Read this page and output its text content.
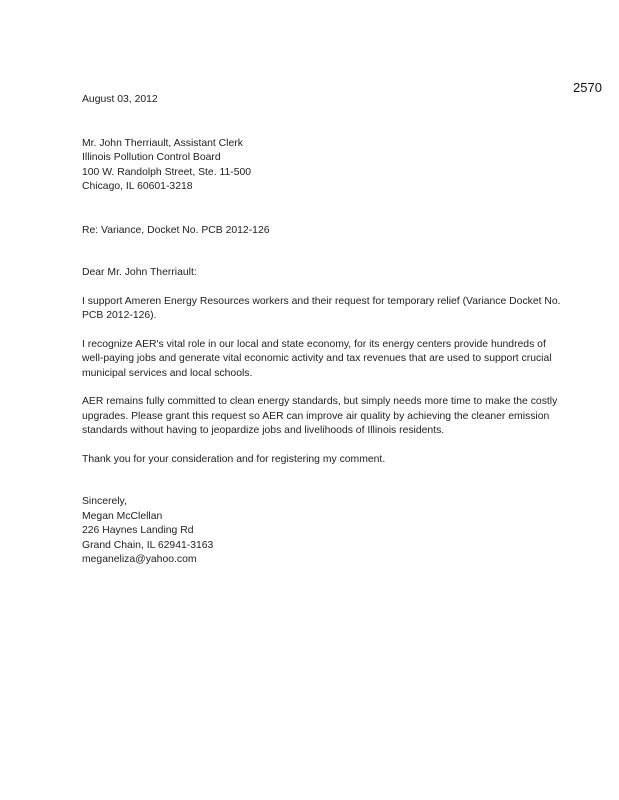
2570
August 03, 2012
Mr. John Therriault, Assistant Clerk
Illinois Pollution Control Board
100 W. Randolph Street, Ste. 11-500
Chicago, IL 60601-3218
Re: Variance, Docket No. PCB 2012-126
Dear Mr. John Therriault:

I support Ameren Energy Resources workers and their request for temporary relief (Variance Docket No. PCB 2012-126).

I recognize AER's vital role in our local and state economy, for its energy centers provide hundreds of well-paying jobs and generate vital economic activity and tax revenues that are used to support crucial municipal services and local schools.

AER remains fully committed to clean energy standards, but simply needs more time to make the costly upgrades. Please grant this request so AER can improve air quality by achieving the cleaner emission standards without having to jeopardize jobs and livelihoods of Illinois residents.

Thank you for your consideration and for registering my comment.

Sincerely,
Megan McClellan
226 Haynes Landing Rd
Grand Chain, IL 62941-3163
meganeliza@yahoo.com
